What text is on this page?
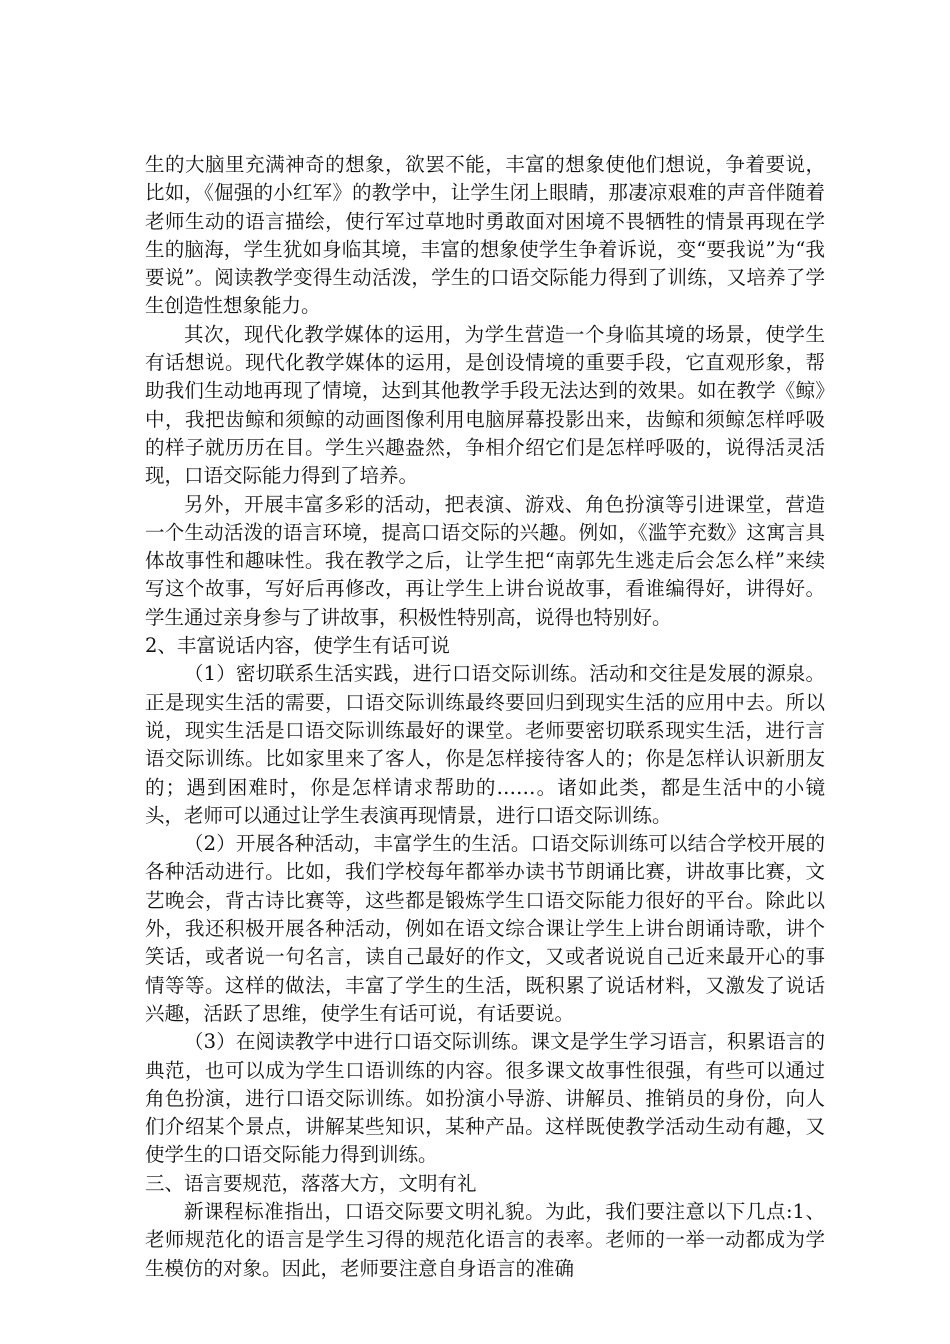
生的大脑里充满神奇的想象，欲罢不能，丰富的想象使他们想说，争着要说，比如，《倔强的小红军》的教学中，让学生闭上眼睛，那凄凉艰难的声音伴随着老师生动的语言描绘，使行军过草地时勇敢面对困境不畏牺牲的情景再现在学生的脑海，学生犹如身临其境，丰富的想象使学生争着诉说，变“要我说”为“我要说”。阅读教学变得生动活泼，学生的口语交际能力得到了训练，又培养了学生创造性想象能力。

其次，现代化教学媒体的运用，为学生营造一个身临其境的场景，使学生有话想说。现代化教学媒体的运用，是创设情境的重要手段，它直观形象，帮助我们生动地再现了情境，达到其他教学手段无法达到的效果。如在教学《鲸》中，我把齿鲸和须鲸的动画图像利用电脑屏幕投影出来，齿鲸和须鲸怎样呼吸的样子就历历在目。学生兴趣盎然，争相介绍它们是怎样呼吸的，说得活灵活现，口语交际能力得到了培养。

另外，开展丰富多彩的活动，把表演、游戏、角色扮演等引进课堂，营造一个生动活泼的语言环境，提高口语交际的兴趣。例如，《滥竽充数》这寓言具体故事性和趣味性。我在教学之后，让学生把“南郭先生逃走后会怎么样”来续写这个故事，写好后再修改，再让学生上讲台说故事，看谁编得好，讲得好。学生通过亲身参与了讲故事，积极性特别高，说得也特别好。

2、丰富说话内容，使学生有话可说

（1）密切联系生活实践，进行口语交际训练。活动和交往是发展的源泉。正是现实生活的需要，口语交际训练最终要回归到现实生活的应用中去。所以说，现实生活是口语交际训练最好的课堂。老师要密切联系现实生活，进行言语交际训练。比如家里来了客人，你是怎样接待客人的；你是怎样认识新朋友的；遇到困难时，你是怎样请求帮助的……。诸如此类，都是生活中的小镜头，老师可以通过让学生表演再现情景，进行口语交际训练。

（2）开展各种活动，丰富学生的生活。口语交际训练可以结合学校开展的各种活动进行。比如，我们学校每年都举办读书节朗诵比赛，讲故事比赛，文艺晚会，背古诗比赛等，这些都是锻炼学生口语交际能力很好的平台。除此以外，我还积极开展各种活动，例如在语文综合课让学生上讲台朗诵诗歌，讲个笑话，或者说一句名言，读自己最好的作文，又或者说说自己近来最开心的事情等等。这样的做法，丰富了学生的生活，既积累了说话材料，又激发了说话兴趣，活跃了思维，使学生有话可说，有话要说。

（3）在阅读教学中进行口语交际训练。课文是学生学习语言，积累语言的典范，也可以成为学生口语训练的内容。很多课文故事性很强，有些可以通过角色扮演，进行口语交际训练。如扮演小导游、讲解员、推销员的身份，向人们介绍某个景点，讲解某些知识，某种产品。这样既使教学活动生动有趣，又使学生的口语交际能力得到训练。

三、语言要规范，落落大方，文明有礼

新课程标准指出，口语交际要文明礼貌。为此，我们要注意以下几点:1、老师规范化的语言是学生习得的规范化语言的表率。老师的一举一动都成为学生模仿的对象。因此，老师要注意自身语言的准确
